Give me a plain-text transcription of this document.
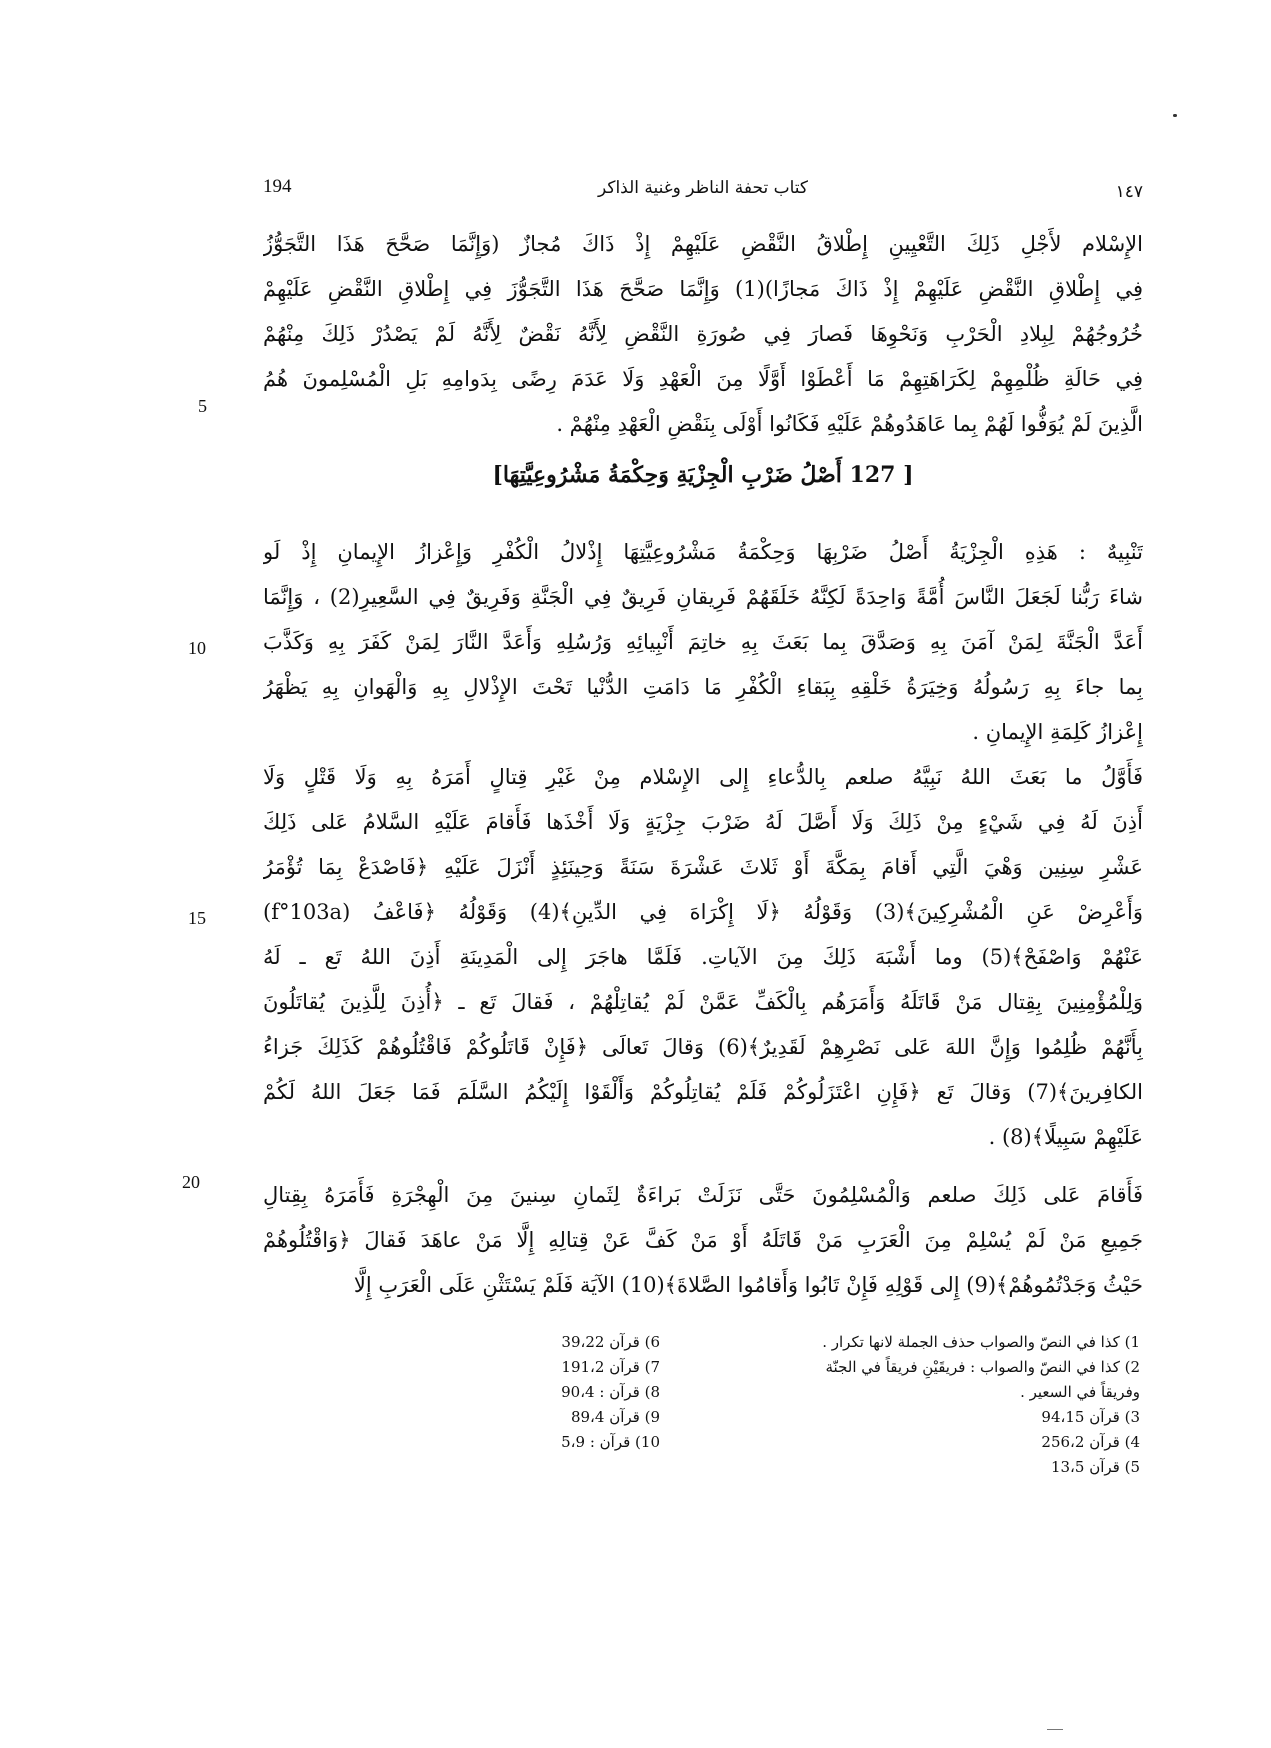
194	كتاب تحفة الناظر وغنية الذاكر	١٤٧
الإِسْلام لأَجْلِ ذَلِكَ التَّعْيِينِ إِطْلاقُ النَّقْضِ عَلَيْهِمْ إِذْ ذَاكَ مُجازٌ (وَإِنَّمَا صَحَّحَ هَذَا التَّجَوُّزُ
فِي إِطْلاقِ النَّقْضِ عَلَيْهِمْ إِذْ ذَاكَ مَجازًا)(1) وَإِنَّمَا صَحَّحَ هَذَا التَّجَوُّزَ فِي إِطْلاقِ النَّقْضِ عَلَيْهِمْ
خُرُوجُهُمْ لِبِلادِ الْحَرْبِ وَنَحْوِهَا فَصارَ فِي صُورَةِ النَّقْضِ لِأَنَّهُ نَقْضٌ لِأَنَّهُ لَمْ يَصْدُرْ ذَلِكَ مِنْهُمْ
فِي حَالَةِ ظُلْمِهِمْ لِكَرَاهَتِهِمْ مَا أَعْطَوْا أَوَّلًا مِنَ الْعَهْدِ وَلَا عَدَمَ رِضًى بِدَوامِهِ بَلِ الْمُسْلِمونَ هُمُ
الَّذِينَ لَمْ يُوَفُّوا لَهُمْ بِما عَاهَدُوهُمْ عَلَيْهِ فَكَانُوا أَوْلَى بِنَقْضِ الْعَهْدِ مِنْهُمْ .
[ 127 أَصْلُ ضَرْبِ الْجِزْيَةِ وَحِكْمَةُ مَشْرُوعِيَّتِهَا]
تَنْبِيهٌ : هَذِهِ الْجِزْيَةُ أَصْلُ ضَرْبِهَا وَحِكْمَةُ مَشْرُوعِيَّتِهَا إِذْلالُ الْكُفْرِ وَإِعْزازُ الإِيمانِ إِذْ لَو
شاءَ رَبُّنا لَجَعَلَ النَّاسَ أُمَّةً وَاحِدَةً لَكِنَّهُ خَلَقَهُمْ فَرِيقانِ فَرِيقٌ فِي الْجَنَّةِ وَفَرِيقٌ فِي السَّعِيرِ(2) ، وَإِنَّمَا
أَعَدَّ الْجَنَّةَ لِمَنْ آمَنَ بِهِ وَصَدَّقَ بِما بَعَثَ بِهِ خاتِمَ أَنْبِيائِهِ وَرُسُلِهِ وَأَعَدَّ النَّارَ لِمَنْ كَفَرَ بِهِ وَكَذَّبَ
بِما جاءَ بِهِ رَسُولُهُ وَخِيَرَةُ خَلْقِهِ بِبَقاءِ الْكُفْرِ مَا دَامَتِ الدُّنْيا تَحْتَ الإِذْلالِ بِهِ وَالْهَوانِ بِهِ يَظْهَرُ
إِعْزازُ كَلِمَةِ الإِيمانِ .
فَأَوَّلُ ما بَعَثَ اللهُ نَبِيَّهُ صلعم بِالدُّعاءِ إِلى الإِسْلام مِنْ غَيْرِ قِتالٍ أَمَرَهُ بِهِ وَلَا قَتْلٍ وَلَا
أَذِنَ لَهُ فِي شَيْءٍ مِنْ ذَلِكَ وَلَا أَصَّلَ لَهُ ضَرْبَ جِزْيَةٍ وَلَا أَخْذَها فَأَقامَ عَلَيْهِ السَّلامُ عَلى ذَلِكَ
عَشْرِ سِنِين وَهْيَ الَّتِي أَقامَ بِمَكَّةَ أَوْ ثَلاثَ عَشْرَةَ سَنَةً وَحِينَئِذٍ أَنْزَلَ عَلَيْهِ ﴿فَاصْدَعْ بِمَا تُؤْمَرُ
وَأَعْرِضْ عَنِ الْمُشْرِكِينَ﴾(3) وَقَوْلُهُ ﴿لَا إِكْرَاهَ فِي الدِّينِ﴾(4) وَقَوْلُهُ ﴿فَاعْفُ (f°103a)
عَنْهُمْ وَاصْفَحْ﴾(5) وما أَشْبَهَ ذَلِكَ مِنَ الآياتِ. فَلَمَّا هاجَرَ إِلى الْمَدِينَةِ أَذِنَ اللهُ تَع ـ لَهُ
وَلِلْمُؤْمِنِينَ بِقِتال مَنْ قَاتَلَهُ وَأَمَرَهُم بِالْكَفِّ عَمَّنْ لَمْ يُقاتِلْهُمْ ، فَقالَ تَع ـ ﴿أُذِنَ لِلَّذِينَ يُقاتَلُونَ
بِأَنَّهُمْ ظُلِمُوا وَإِنَّ اللهَ عَلى نَصْرِهِمْ لَقَدِيرٌ﴾(6) وَقالَ تَعالَى ﴿فَإِنْ قَاتَلُوكُمْ فَاقْتُلُوهُمْ كَذَلِكَ جَزاءُ
الكافِرينَ﴾(7) وَقالَ تَع ﴿فَإِنِ اعْتَزَلُوكُمْ فَلَمْ يُقاتِلُوكُمْ وَأَلْقَوْا إِلَيْكُمُ السَّلَمَ فَمَا جَعَلَ اللهُ لَكُمْ
عَلَيْهِمْ سَبِيلًا﴾(8) .
فَأَقامَ عَلى ذَلِكَ صلعم وَالْمُسْلِمُونَ حَتَّى نَزَلَتْ بَراءَةٌ لِثَمانِ سِنينَ مِنَ الْهِجْرَةِ فَأَمَرَهُ بِقِتالِ
جَمِيعِ مَنْ لَمْ يُسْلِمْ مِنَ الْعَرَبِ مَنْ قَاتَلَهُ أَوْ مَنْ كَفَّ عَنْ قِتالِهِ إِلَّا مَنْ عاهَدَ فَقالَ ﴿وَاقْتُلُوهُمْ
حَيْثُ وَجَدْتُمُوهُمْ﴾(9) إِلى قَوْلِهِ فَإِنْ تَابُوا وَأَقامُوا الصَّلاةَ﴾(10) الآيَة فَلَمْ يَسْتَثْنِ عَلَى الْعَرَبِ إِلَّا
5
10
15
20
1) كذا في النصّ والصواب حذف الجملة لانها تكرار .
2) كذا في النصّ والصواب : فريقَيْنِ فريقاً في الجنّة
وفريقاً في السعير .
3) قرآن 94،15
4) قرآن 256،2
5) قرآن 13،5
6) قرآن 39،22
7) قرآن 191،2
8) قرآن : 90،4
9) قرآن 89،4
10) قرآن : 5،9
